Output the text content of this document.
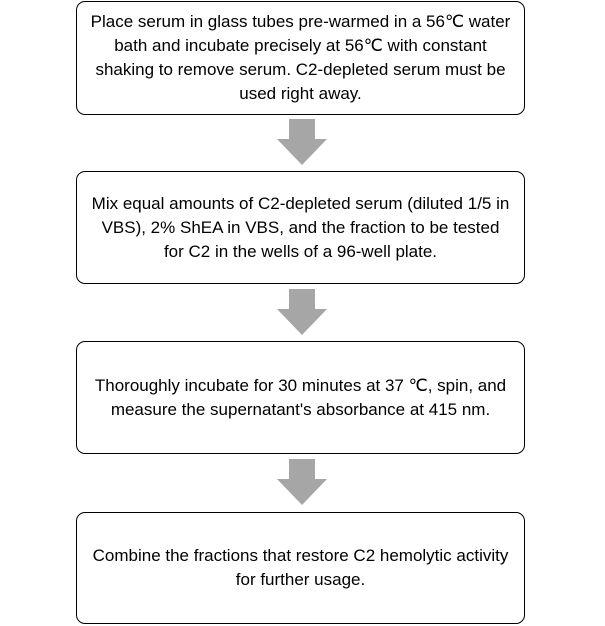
Place serum in glass tubes pre-warmed in a 56℃ water bath and incubate precisely at 56℃ with constant shaking to remove serum. C2-depleted serum must be used right away.
Mix equal amounts of C2-depleted serum (diluted 1/5 in VBS), 2% ShEA in VBS, and the fraction to be tested for C2 in the wells of a 96-well plate.
Thoroughly incubate for 30 minutes at 37 ℃, spin, and measure the supernatant's absorbance at 415 nm.
Combine the fractions that restore C2 hemolytic activity for further usage.
